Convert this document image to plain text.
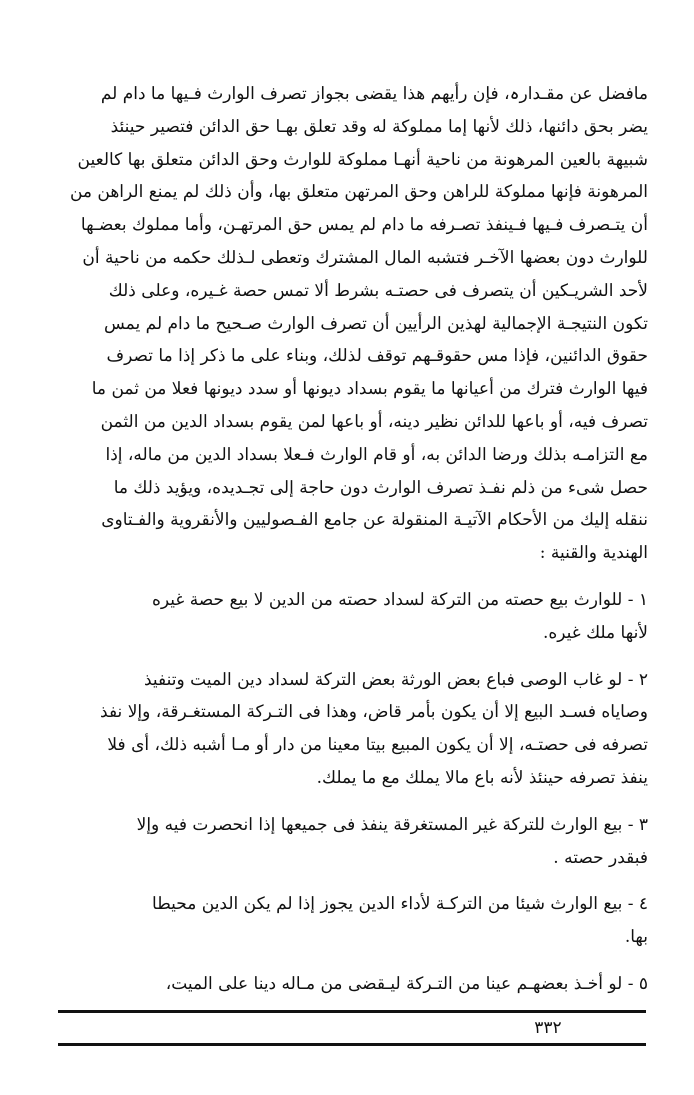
مافضل عن مقـدارہ، فإن رأيهم هذا يقضى بجواز تصرف الوارث فـيها ما دام لم
يضر بحق دائنها، ذلك لأنها إما مملوكة له وقد تعلق بهـا حق الدائن فتصير حينئذ
شبيهة بالعين المرهونة من ناحية أنهـا مملوكة للوارث وحق الدائن متعلق بها كالعين
المرهونة فإنها مملوكة للراهن وحق المرتهن متعلق بها، وأن ذلك لم يمنع الراهن من
أن يتـصرف فـيها فـينفذ تصـرفه ما دام لم يمس حق المرتهـن، وأما مملوك بعضـها
للوارث دون بعضها الآخـر فتشبه المال المشترك وتعطى لـذلك حكمه من ناحية أن
لأحد الشريـكين أن يتصرف فى حصتـه بشرط ألا تمس حصة غـيره، وعلى ذلك
تكون النتيجـة الإجمالية لهذين الرأيين أن تصرف الوارث صـحيح ما دام لم يمس
حقوق الدائنين، فإذا مس حقوقـهم توقف لذلك، وبناء على ما ذكر إذا ما تصرف
فيها الوارث فترك من أعيانها ما يقوم بسداد ديونها أو سدد ديونها فعلا من ثمن ما
تصرف فيه، أو باعها للدائن نظير دينه، أو باعها لمن يقوم بسداد الدين من الثمن
مع التزامـه بذلك ورضا الدائن به، أو قام الوارث فـعلا بسداد الدين من ماله، إذا
حصل شىء من ذلم نفـذ تصرف الوارث دون حاجة إلى تجـديده، ويؤيد ذلك ما
ننقله إليك من الأحكام الآتيـة المنقولة عن جامع الفـصوليين والأنقروية والفـتاوى
الهندية والقنية :
١ - للوارث بيع حصته من التركة لسداد حصته من الدين لا بيع حصة غيره
لأنها ملك غيره.
٢ - لو غاب الوصى فباع بعض الورثة بعض التركة لسداد دين الميت وتنفيذ
وصاياه فسـد البيع إلا أن يكون بأمر قاض، وهذا فى التـركة المستغـرقة، وإلا نفذ
تصرفه فى حصتـه، إلا أن يكون المبيع بيتا معينا من دار أو مـا أشبه ذلك، أى فلا
ينفذ تصرفه حينئذ لأنه باع مالا يملك مع ما يملك.
٣ - بيع الوارث للتركة غير المستغرقة ينفذ فى جميعها إذا انحصرت فيه وإلا
فبقدر حصته .
٤ - بيع الوارث شيئا من التركـة لأداء الدين يجوز إذا لم يكن الدين محيطا
بها.
٥ - لو أخـذ بعضهـم عينا من التـركة ليـقضى من مـاله دينا على الميت،
٣٣٢
